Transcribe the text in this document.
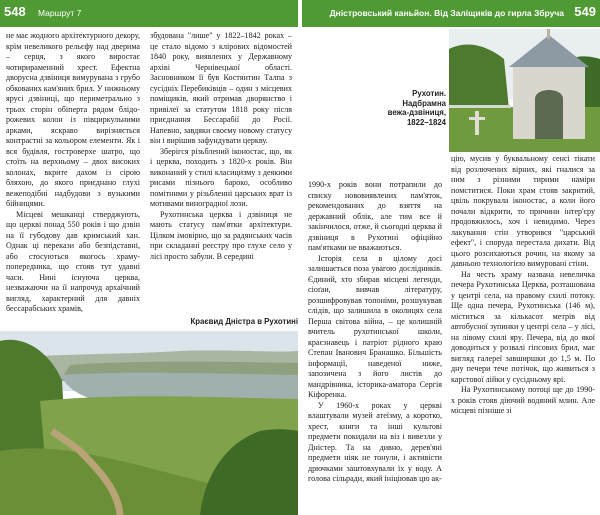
548 Маршрут 7	Дністровський каньйон. Від Заліщиків до гирла Збруча 549

не має жодного архітектурного декору, крім невеликого рельєфу над дверима – серця, з якого виростає чотирираменний хрест. Ефектна дворусна дзвіниця вимурувана з грубо обкованих кам'яних брил. У нижньому ярусі дзвіниці, що периметрально з трьох сторін обіперта рядом блідо-рожевих колон із півциркульними арками, яскраво вирізняється контрастні за кольором елементи. Як і вся будівля, гостроверхе шатро, що стоїть на верхньому – двох високих колонах, вкрите дахом із сірою бляхою, до якого приєднано глухі вежеподібні надбудови з вузькими бійницями.

Місцеві мешканці стверджують, що церкві понад 550 років і що дзвін на її губодову дав кримський хан. Однак ці перекази або безпідставні, або стосуються якогось храму-попередника, що стояв тут удавні часи. Нині існуюча церква, незважаючи на її напрочуд архаїчний вигляд, характерний для давніх бессарабських храмів,

збудована "лише" у 1822–1842 роках – це стало відомо з клірових відомостей 1840 року, виявлених у Державному архіві Чернівецької області. Засновником її був Костянтин Талпа з сусідніх Перебиківців – один з місцевих поміщиків, який отримав дворянство і привілеї за статутом 1818 року після приєднання Бессарабії до Росії. Напевно, завдяки своєму новому статусу він і вирішив зафундувати церкву.

Зберігся різьблений іконостас, що, як і церква, походить з 1820-х років. Він виконаний у стилі класицизму з деякими рисами пізнього бароко, особливо помітними у різьбленні царських врат із мотивами виноградної лози.

Рухотинська церква і дзвіниця не мають статусу пам'ятки архітектури. Цілком імовірно, що за радянських часів при складанні реєстру про глухе село у лісі просто забули. В середині

Краєвид Дністра в Рухотині
Рухотин.
Надбрамна
вежа-дзвіниця,
1822–1824

1990-х років вони потрапили до списку нововиявлених пам'яток, рекомендованих до взяття на державний облік, але тим все й закінчилося, отже, й сьогодні церква й дзвіниця в Рухотині офіційно пам'ятками не вважаються.

Історія села в цілому досі залишається поза увагою дослідників. Єдиний, хто збирав місцеві легенди, сіоґаи, вивчав літературу, розшифровував топоніми, розшукував слідів, що залишила в околицях села Перша світова війна, – це колишній вчитель рухотинської школи, краєзнавець і патріот рідного краю Степан Іванович Бранашко. Більшість інформації, наведеної ниже, запозичена з його листів до мандрівника, історика-аматора Сергія Кіфоренка.

У 1960-х роках у церкві влаштували музей атеїзму, а коротко, хрест, книги та інші культові предмети покидали на віз і вивезли у Дністер. Та на дивно, дерев'яні предмети ніяк не тонули, і активісти дрючками заштовхували їх у воду. А голова сільради, який ініціював цю ак-

цію, мусив у буквальному сенсі тікати від розлючених вірних, які гналися за ним з різними тирими наміри помститися. Поки храм стояв закритий, цвіль покрувала іконостас, а коли його почали відкрити, то причини інтер'єру продовжилось, хоч і невидимо. Через лакування стін утворився "царський ефект", і спорудa перестала дихати. Від цього розсихаються рочин, на якому за давньою технологією вимуровані стіни.

На честь храму названа невеличка печера Рухотинська Церква, розташована у центрі села, на правому схилі потоку. Ще одна печера, Рухотинська (146 м), міститься за кількасот метрів від автобусної зупинки у центрі села – у лісі, на лівому схилі ярy. Печера, від до якої доводиться у розвалі гіпсових брил, має вигляд галереї завширшки до 1,5 м. По дну печери тече потічок, що живиться з карстової лійки у сусідньому ярі.

На Рухотинському потоці ще до 1990-х років стояв діючий водяний млин. Але місцеві пізніше зі
